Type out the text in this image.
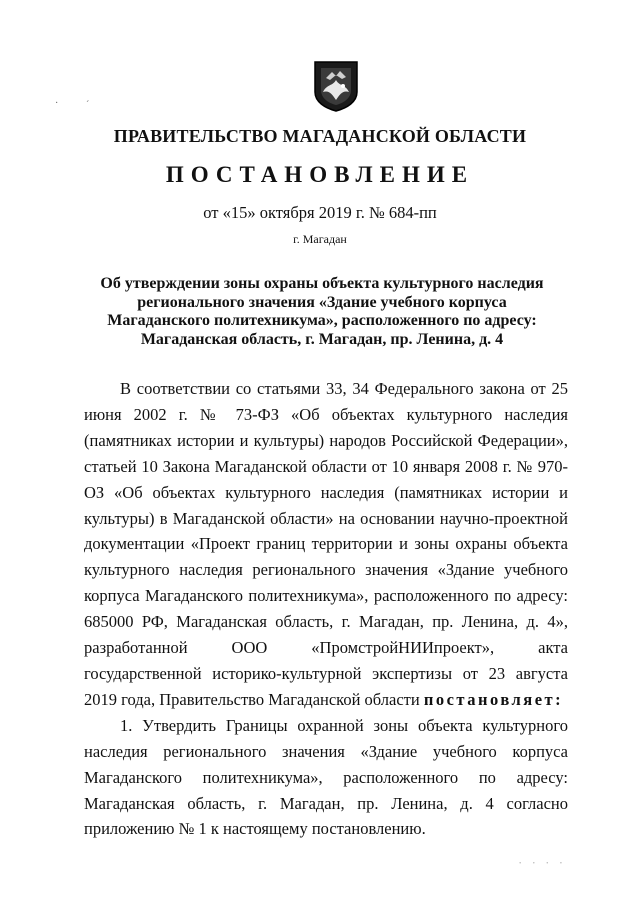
·	ˊ
ПРАВИТЕЛЬСТВО МАГАДАНСКОЙ ОБЛАСТИ
ПОСТАНОВЛЕНИЕ
от «15» октября 2019 г. № 684-пп
г. Магадан
Об утверждении зоны охраны объекта культурного наследия регионального значения «Здание учебного корпуса Магаданского политехникума», расположенного по адресу: Магаданская область, г. Магадан, пр. Ленина, д. 4

В соответствии со статьями 33, 34 Федерального закона от 25 июня 2002 г. № 73-ФЗ «Об объектах культурного наследия (памятниках истории и культуры) народов Российской Федерации», статьей 10 Закона Магаданской области от 10 января 2008 г. № 970-ОЗ «Об объектах культурного наследия (памятниках истории и культуры) в Магаданской области» на основании научно-проектной документации «Проект границ территории и зоны охраны объекта культурного наследия регионального значения «Здание учебного корпуса Магаданского политехникума», расположенного по адресу: 685000 РФ, Магаданская область, г. Магадан, пр. Ленина, д. 4», разработанной ООО «ПромстройНИИпроект», акта государственной историко-культурной экспертизы от 23 августа 2019 года, Правительство Магаданской области постановляет:

1. Утвердить Границы охранной зоны объекта культурного наследия регионального значения «Здание учебного корпуса Магаданского политехникума», расположенного по адресу: Магаданская область, г. Магадан, пр. Ленина, д. 4 согласно приложению № 1 к настоящему постановлению.

· · · ·
